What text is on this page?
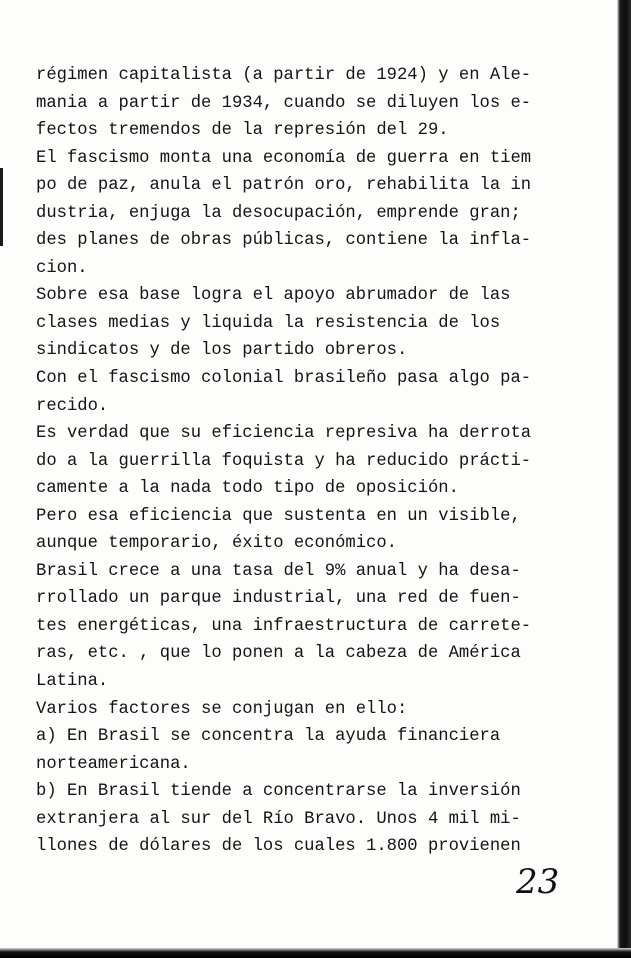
régimen capitalista (a partir de 1924) y en Ale-
mania a partir de 1934, cuando se diluyen los e-
fectos tremendos de la represión del 29.
El fascismo monta una economía de guerra en tiem
po de paz, anula el patrón oro, rehabilita la in
dustria, enjuga la desocupación, emprende gran;
des planes de obras públicas, contiene la infla-
cion.
Sobre esa base logra el apoyo abrumador de las
clases medias y liquida la resistencia de los
sindicatos y de los partido obreros.
Con el fascismo colonial brasileño pasa algo pa-
recido.
Es verdad que su eficiencia represiva ha derrota
do a la guerrilla foquista y ha reducido prácti-
camente a la nada todo tipo de oposición.
Pero esa eficiencia que sustenta en un visible,
aunque temporario, éxito económico.
Brasil crece a una tasa del 9% anual y ha desa-
rrollado un parque industrial, una red de fuen-
tes energéticas, una infraestructura de carrete-
ras, etc. , que lo ponen a la cabeza de América
Latina.
Varios factores se conjugan en ello:
a) En Brasil se concentra la ayuda financiera
norteamericana.
b) En Brasil tiende a concentrarse la inversión
extranjera al sur del Río Bravo. Unos 4 mil mi-
llones de dólares de los cuales 1.800 provienen
23
